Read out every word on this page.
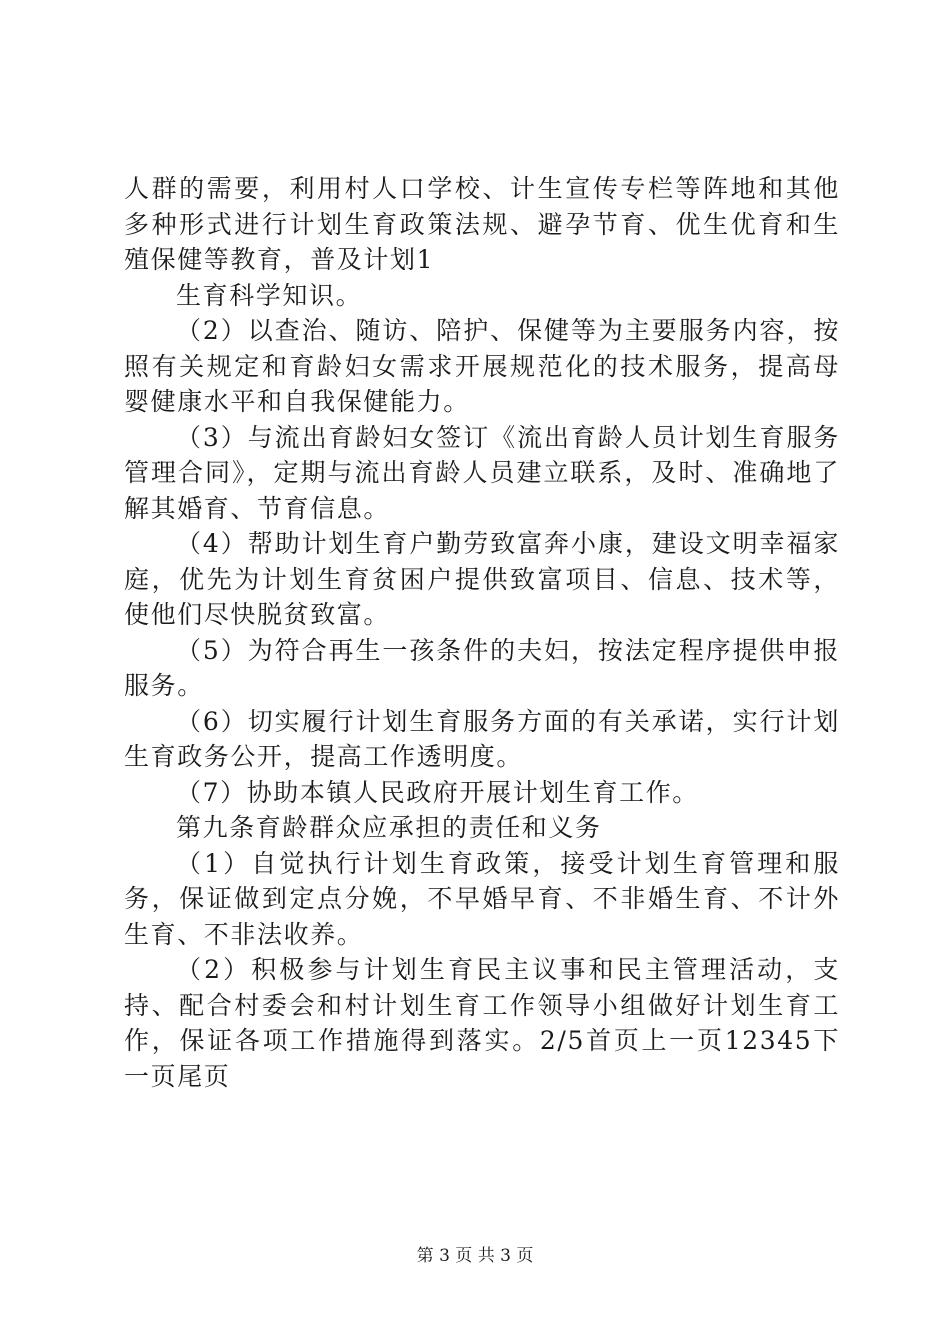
人群的需要，利用村人口学校、计生宣传专栏等阵地和其他多种形式进行计划生育政策法规、避孕节育、优生优育和生殖保健等教育，普及计划1

生育科学知识。

（2）以查治、随访、陪护、保健等为主要服务内容，按照有关规定和育龄妇女需求开展规范化的技术服务，提高母婴健康水平和自我保健能力。

（3）与流出育龄妇女签订《流出育龄人员计划生育服务管理合同》，定期与流出育龄人员建立联系，及时、准确地了解其婚育、节育信息。

（4）帮助计划生育户勤劳致富奔小康，建设文明幸福家庭，优先为计划生育贫困户提供致富项目、信息、技术等，使他们尽快脱贫致富。

（5）为符合再生一孩条件的夫妇，按法定程序提供申报服务。

（6）切实履行计划生育服务方面的有关承诺，实行计划生育政务公开，提高工作透明度。

（7）协助本镇人民政府开展计划生育工作。

第九条育龄群众应承担的责任和义务

（1）自觉执行计划生育政策，接受计划生育管理和服务，保证做到定点分娩，不早婚早育、不非婚生育、不计外生育、不非法收养。

（2）积极参与计划生育民主议事和民主管理活动，支持、配合村委会和村计划生育工作领导小组做好计划生育工作，保证各项工作措施得到落实。2/5首页上一页12345下一页尾页

第 3 页 共 3 页
